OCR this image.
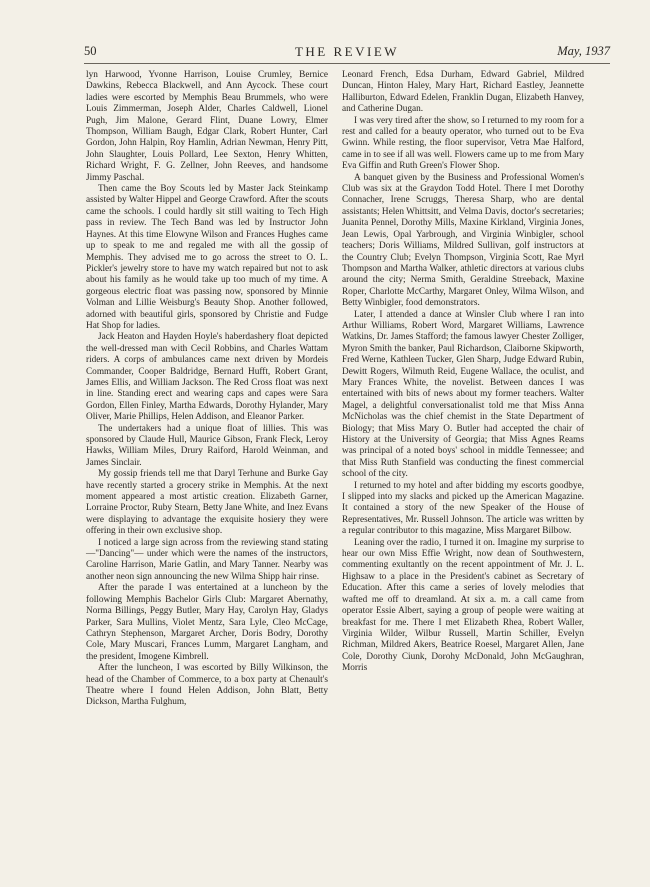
50	THE REVIEW	May, 1937

lyn Harwood, Yvonne Harrison, Louise Crumley, Bernice Dawkins, Rebecca Blackwell, and Ann Aycock. These court ladies were escorted by Memphis Beau Brummels, who were Louis Zimmerman, Joseph Alder, Charles Caldwell, Lionel Pugh, Jim Malone, Gerard Flint, Duane Lowry, Elmer Thompson, William Baugh, Edgar Clark, Robert Hunter, Carl Gordon, John Halpin, Roy Hamlin, Adrian Newman, Henry Pitt, John Slaughter, Louis Pollard, Lee Sexton, Henry Whitten, Richard Wright, F. G. Zellner, John Reeves, and handsome Jimmy Paschal.

Then came the Boy Scouts led by Master Jack Steinkamp assisted by Walter Hippel and George Crawford. After the scouts came the schools. I could hardly sit still waiting to Tech High pass in review. The Tech Band was led by Instructor John Haynes. At this time Elowyne Wilson and Frances Hughes came up to speak to me and regaled me with all the gossip of Memphis. They advised me to go across the street to O. L. Pickler's jewelry store to have my watch repaired but not to ask about his family as he would take up too much of my time. A gorgeous electric float was passing now, sponsored by Minnie Volman and Lillie Weisburg's Beauty Shop. Another followed, adorned with beautiful girls, sponsored by Christie and Fudge Hat Shop for ladies.

Jack Heaton and Hayden Hoyle's haberdashery float depicted the well-dressed man with Cecil Robbins, and Charles Wattam riders. A corps of ambulances came next driven by Mordeis Commander, Cooper Baldridge, Bernard Hufft, Robert Grant, James Ellis, and William Jackson. The Red Cross float was next in line. Standing erect and wearing caps and capes were Sara Gordon, Ellen Finley, Martha Edwards, Dorothy Hylander, Mary Oliver, Marie Phillips, Helen Addison, and Eleanor Parker.

The undertakers had a unique float of lillies. This was sponsored by Claude Hull, Maurice Gibson, Frank Fleck, Leroy Hawks, William Miles, Drury Raiford, Harold Weinman, and James Sinclair.

My gossip friends tell me that Daryl Terhune and Burke Gay have recently started a grocery strike in Memphis. At the next moment appeared a most artistic creation. Elizabeth Garner, Lorraine Proctor, Ruby Stearn, Betty Jane White, and Inez Evans were displaying to advantage the exquisite hosiery they were offering in their own exclusive shop.

I noticed a large sign across from the reviewing stand stating —"Dancing"— under which were the names of the instructors, Caroline Harrison, Marie Gatlin, and Mary Tanner. Nearby was another neon sign announcing the new Wilma Shipp hair rinse.

After the parade I was entertained at a luncheon by the following Memphis Bachelor Girls Club: Margaret Abernathy, Norma Billings, Peggy Butler, Mary Hay, Carolyn Hay, Gladys Parker, Sara Mullins, Violet Mentz, Sara Lyle, Cleo McCage, Cathryn Stephenson, Margaret Archer, Doris Bodry, Dorothy Cole, Mary Muscari, Frances Lumm, Margaret Langham, and the president, Imogene Kimbrell.

After the luncheon, I was escorted by Billy Wilkinson, the head of the Chamber of Commerce, to a box party at Chenault's Theatre where I found Helen Addison, John Blatt, Betty Dickson, Martha Fulghum,

Leonard French, Edsa Durham, Edward Gabriel, Mildred Duncan, Hinton Haley, Mary Hart, Richard Eastley, Jeannette Halliburton, Edward Edelen, Franklin Dugan, Elizabeth Hanvey, and Catherine Dugan.

I was very tired after the show, so I returned to my room for a rest and called for a beauty operator, who turned out to be Eva Gwinn. While resting, the floor supervisor, Vetra Mae Halford, came in to see if all was well. Flowers came up to me from Mary Eva Giffin and Ruth Green's Flower Shop.

A banquet given by the Business and Professional Women's Club was six at the Graydon Todd Hotel. There I met Dorothy Connacher, Irene Scruggs, Theresa Sharp, who are dental assistants; Helen Whittsitt, and Velma Davis, doctor's secretaries; Juanita Pennel, Dorothy Mills, Maxine Kirkland, Virginia Jones, Jean Lewis, Opal Yarbrough, and Virginia Winbigler, school teachers; Doris Williams, Mildred Sullivan, golf instructors at the Country Club; Evelyn Thompson, Virginia Scott, Rae Myrl Thompson and Martha Walker, athletic directors at various clubs around the city; Nerma Smith, Geraldine Streeback, Maxine Roper, Charlotte McCarthy, Margaret Onley, Wilma Wilson, and Betty Winbigler, food demonstrators.

Later, I attended a dance at Winsler Club where I ran into Arthur Williams, Robert Word, Margaret Williams, Lawrence Watkins, Dr. James Stafford; the famous lawyer Chester Zolliger, Myron Smith the banker, Paul Richardson, Claiborne Skipworth, Fred Werne, Kathleen Tucker, Glen Sharp, Judge Edward Rubin, Dewitt Rogers, Wilmuth Reid, Eugene Wallace, the oculist, and Mary Frances White, the novelist. Between dances I was entertained with bits of news about my former teachers. Walter Magel, a delightful conversationalist told me that Miss Anna McNicholas was the chief chemist in the State Department of Biology; that Miss Mary O. Butler had accepted the chair of History at the University of Georgia; that Miss Agnes Reams was principal of a noted boys' school in middle Tennessee; and that Miss Ruth Stanfield was conducting the finest commercial school of the city.

I returned to my hotel and after bidding my escorts goodbye, I slipped into my slacks and picked up the American Magazine. It contained a story of the new Speaker of the House of Representatives, Mr. Russell Johnson. The article was written by a regular contributor to this magazine, Miss Margaret Bilbow.

Leaning over the radio, I turned it on. Imagine my surprise to hear our own Miss Effie Wright, now dean of Southwestern, commenting exultantly on the recent appointment of Mr. J. L. Highsaw to a place in the President's cabinet as Secretary of Education. After this came a series of lovely melodies that wafted me off to dreamland. At six a. m. a call came from operator Essie Albert, saying a group of people were waiting at breakfast for me. There I met Elizabeth Rhea, Robert Waller, Virginia Wilder, Wilbur Russell, Martin Schiller, Evelyn Richman, Mildred Akers, Beatrice Roesel, Margaret Allen, Jane Cole, Dorothy Ciunk, Dorohy McDonald, John McGaughran, Morris
